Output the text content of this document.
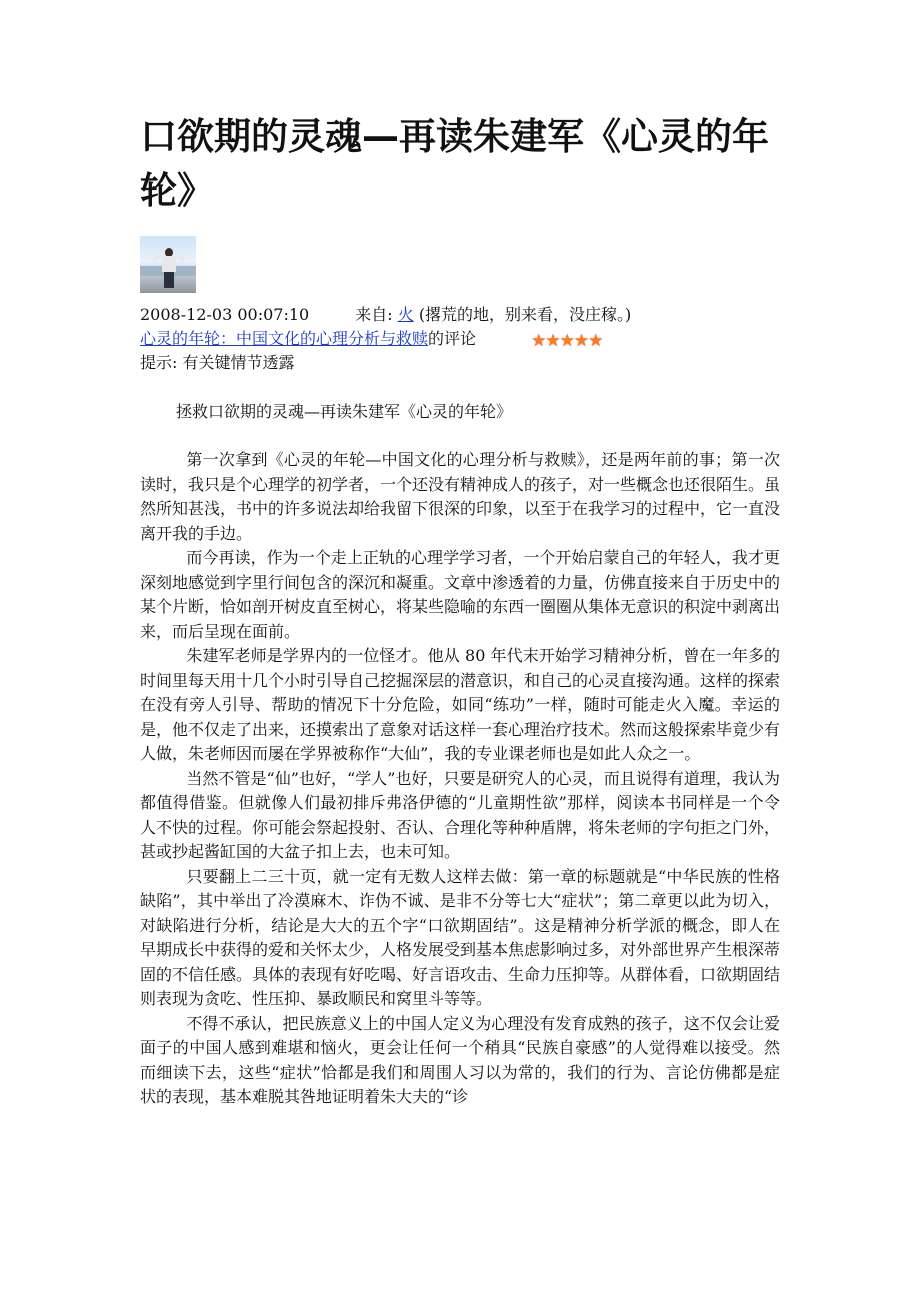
口欲期的灵魂—再读朱建军《心灵的年轮》
2008-12-03 00:07:10	来自: 火 (撂荒的地，别来看，没庄稼。)
心灵的年轮：中国文化的心理分析与救赎的评论	★★★★★
提示: 有关键情节透露
拯救口欲期的灵魂—再读朱建军《心灵的年轮》

第一次拿到《心灵的年轮—中国文化的心理分析与救赎》，还是两年前的事；第一次读时，我只是个心理学的初学者，一个还没有精神成人的孩子，对一些概念也还很陌生。虽然所知甚浅，书中的许多说法却给我留下很深的印象，以至于在我学习的过程中，它一直没离开我的手边。

而今再读，作为一个走上正轨的心理学学习者，一个开始启蒙自己的年轻人，我才更深刻地感觉到字里行间包含的深沉和凝重。文章中渗透着的力量，仿佛直接来自于历史中的某个片断，恰如剖开树皮直至树心，将某些隐喻的东西一圈圈从集体无意识的积淀中剥离出来，而后呈现在面前。

朱建军老师是学界内的一位怪才。他从 80 年代末开始学习精神分析，曾在一年多的时间里每天用十几个小时引导自己挖掘深层的潜意识，和自己的心灵直接沟通。这样的探索在没有旁人引导、帮助的情况下十分危险，如同“练功”一样，随时可能走火入魔。幸运的是，他不仅走了出来，还摸索出了意象对话这样一套心理治疗技术。然而这般探索毕竟少有人做，朱老师因而屡在学界被称作“大仙”，我的专业课老师也是如此人众之一。

当然不管是“仙”也好，“学人”也好，只要是研究人的心灵，而且说得有道理，我认为都值得借鉴。但就像人们最初排斥弗洛伊德的“儿童期性欲”那样，阅读本书同样是一个令人不快的过程。你可能会祭起投射、否认、合理化等种种盾牌，将朱老师的字句拒之门外，甚或抄起酱缸国的大盆子扣上去，也未可知。

只要翻上二三十页，就一定有无数人这样去做：第一章的标题就是“中华民族的性格缺陷”，其中举出了冷漠麻木、诈伪不诚、是非不分等七大“症状”；第二章更以此为切入，对缺陷进行分析，结论是大大的五个字“口欲期固结”。这是精神分析学派的概念，即人在早期成长中获得的爱和关怀太少，人格发展受到基本焦虑影响过多，对外部世界产生根深蒂固的不信任感。具体的表现有好吃喝、好言语攻击、生命力压抑等。从群体看，口欲期固结则表现为贪吃、性压抑、暴政顺民和窝里斗等等。

不得不承认，把民族意义上的中国人定义为心理没有发育成熟的孩子，这不仅会让爱面子的中国人感到难堪和恼火，更会让任何一个稍具“民族自豪感”的人觉得难以接受。然而细读下去，这些“症状”恰都是我们和周围人习以为常的，我们的行为、言论仿佛都是症状的表现，基本难脱其咎地证明着朱大夫的“诊
